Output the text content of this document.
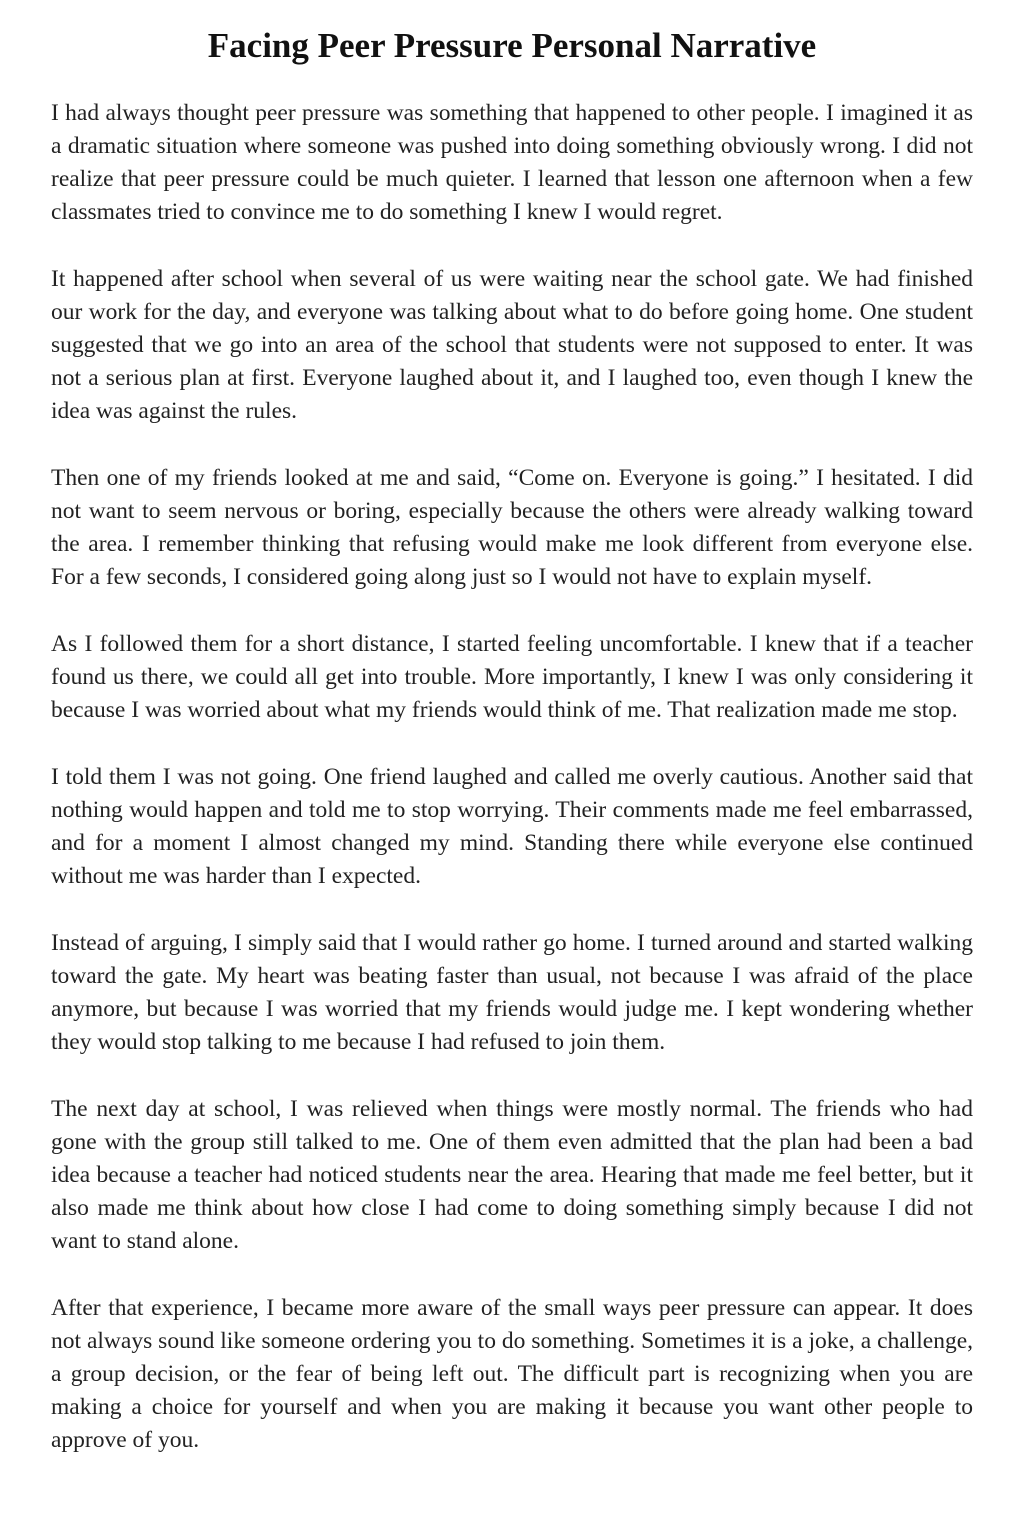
Facing Peer Pressure Personal Narrative

I had always thought peer pressure was something that happened to other people. I imagined it as a dramatic situation where someone was pushed into doing something obviously wrong. I did not realize that peer pressure could be much quieter. I learned that lesson one afternoon when a few classmates tried to convince me to do something I knew I would regret.

It happened after school when several of us were waiting near the school gate. We had finished our work for the day, and everyone was talking about what to do before going home. One student suggested that we go into an area of the school that students were not supposed to enter. It was not a serious plan at first. Everyone laughed about it, and I laughed too, even though I knew the idea was against the rules.

Then one of my friends looked at me and said, “Come on. Everyone is going.” I hesitated. I did not want to seem nervous or boring, especially because the others were already walking toward the area. I remember thinking that refusing would make me look different from everyone else. For a few seconds, I considered going along just so I would not have to explain myself.

As I followed them for a short distance, I started feeling uncomfortable. I knew that if a teacher found us there, we could all get into trouble. More importantly, I knew I was only considering it because I was worried about what my friends would think of me. That realization made me stop.

I told them I was not going. One friend laughed and called me overly cautious. Another said that nothing would happen and told me to stop worrying. Their comments made me feel embarrassed, and for a moment I almost changed my mind. Standing there while everyone else continued without me was harder than I expected.

Instead of arguing, I simply said that I would rather go home. I turned around and started walking toward the gate. My heart was beating faster than usual, not because I was afraid of the place anymore, but because I was worried that my friends would judge me. I kept wondering whether they would stop talking to me because I had refused to join them.

The next day at school, I was relieved when things were mostly normal. The friends who had gone with the group still talked to me. One of them even admitted that the plan had been a bad idea because a teacher had noticed students near the area. Hearing that made me feel better, but it also made me think about how close I had come to doing something simply because I did not want to stand alone.

After that experience, I became more aware of the small ways peer pressure can appear. It does not always sound like someone ordering you to do something. Sometimes it is a joke, a challenge, a group decision, or the fear of being left out. The difficult part is recognizing when you are making a choice for yourself and when you are making it because you want other people to approve of you.
